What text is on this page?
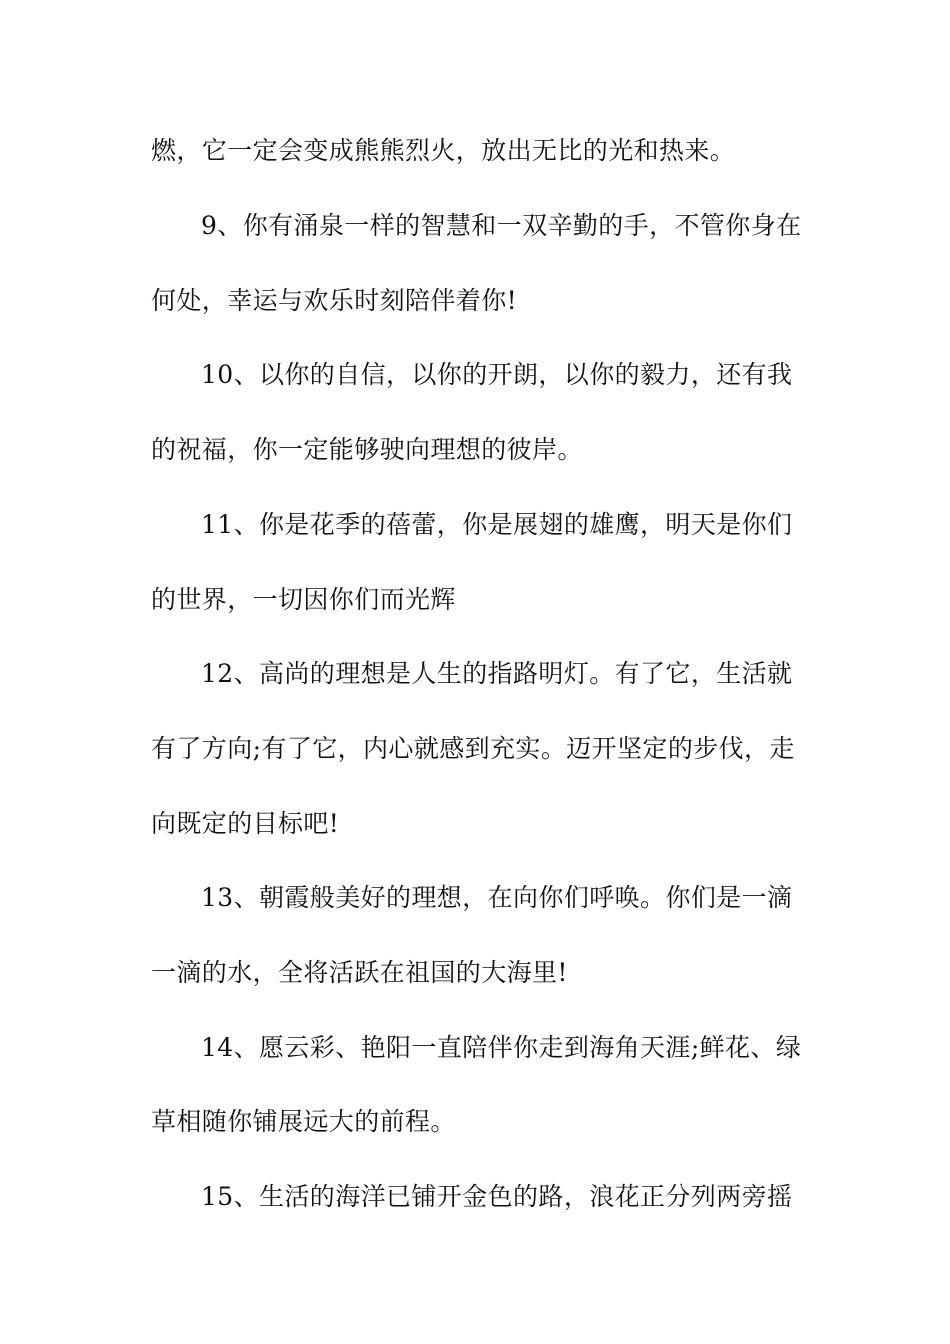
燃，它一定会变成熊熊烈火，放出无比的光和热来。
9、你有涌泉一样的智慧和一双辛勤的手，不管你身在
何处，幸运与欢乐时刻陪伴着你!
10、以你的自信，以你的开朗，以你的毅力，还有我
的祝福，你一定能够驶向理想的彼岸。
11、你是花季的蓓蕾，你是展翅的雄鹰，明天是你们
的世界，一切因你们而光辉
12、高尚的理想是人生的指路明灯。有了它，生活就
有了方向;有了它，内心就感到充实。迈开坚定的步伐，走
向既定的目标吧!
13、朝霞般美好的理想，在向你们呼唤。你们是一滴
一滴的水，全将活跃在祖国的大海里!
14、愿云彩、艳阳一直陪伴你走到海角天涯;鲜花、绿
草相随你铺展远大的前程。
15、生活的海洋已铺开金色的路，浪花正分列两旁摇
